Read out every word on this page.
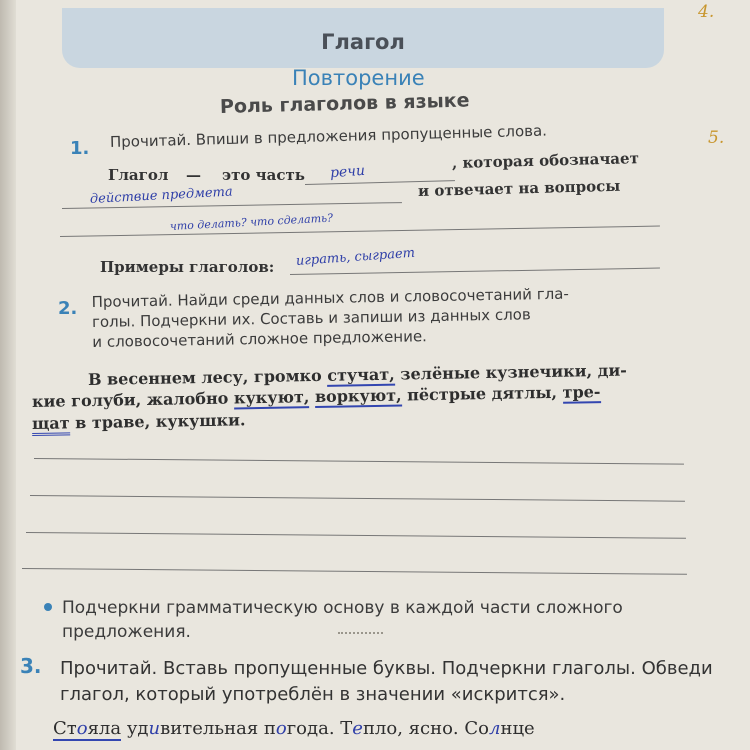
Глагол
4.
5.
Повторение
Роль глаголов в языке
1. Прочитай. Впиши в предложения пропущенные слова.
Глагол — это часть речи
, которая обозначает
действие предмета	и отвечает на вопросы
что делать? что сделать?
Примеры глаголов: играть, сыграет
2. Прочитай. Найди среди данных слов и словосочетаний гла-
голы. Подчеркни их. Составь и запиши из данных слов
и словосочетаний сложное предложение.
В весеннем лесу, громко стучат, зелёные кузнечики, ди-
кие голуби, жалобно кукуют, воркуют, пёстрые дятлы, тре-
щат в траве, кукушки.
Подчеркни грамматическую основу в каждой части сложного предложения.
3. Прочитай. Вставь пропущенные буквы. Подчеркни глаголы. Обведи глагол, который употреблён в значении «искрится».
Стояла удивительная погода. Тепло, ясно. Солнце
